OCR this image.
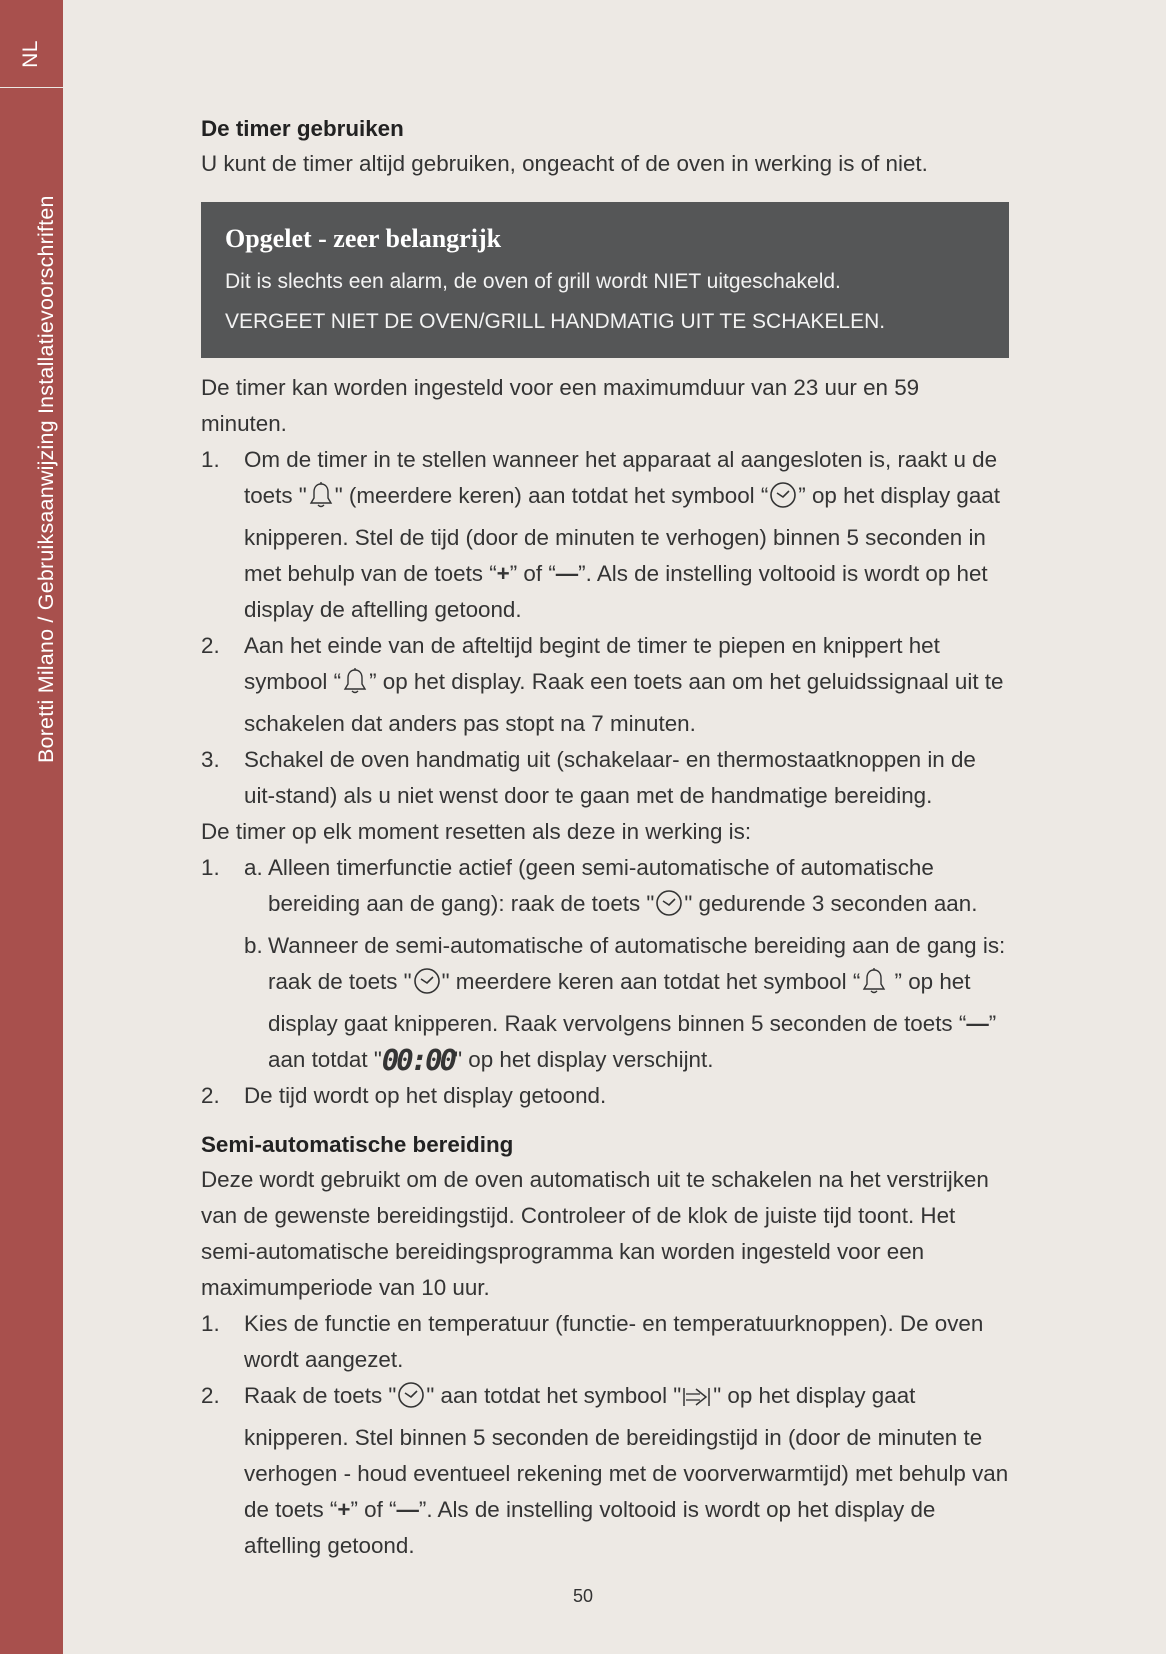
NL
Boretti Milano / Gebruiksaanwijzing Installatievoorschriften
De timer gebruiken

U kunt de timer altijd gebruiken, ongeacht of de oven in werking is of niet.

Opgelet - zeer belangrijk
Dit is slechts een alarm, de oven of grill wordt NIET uitgeschakeld.
VERGEET NIET DE OVEN/GRILL HANDMATIG UIT TE SCHAKELEN.

De timer kan worden ingesteld voor een maximumduur van 23 uur en 59 minuten.

1. Om de timer in te stellen wanneer het apparaat al aangesloten is, raakt u de toets " " (meerdere keren) aan totdat het symbool “ ” op het display gaat knipperen. Stel de tijd (door de minuten te verhogen) binnen 5 seconden in met behulp van de toets “+” of “—”. Als de instelling voltooid is wordt op het display de aftelling getoond.
2. Aan het einde van de afteltijd begint de timer te piepen en knippert het symbool “ ” op het display. Raak een toets aan om het geluidssignaal uit te schakelen dat anders pas stopt na 7 minuten.
3. Schakel de oven handmatig uit (schakelaar- en thermostaatknoppen in de uit-stand) als u niet wenst door te gaan met de handmatige bereiding.

De timer op elk moment resetten als deze in werking is:

1. a. Alleen timerfunctie actief (geen semi-automatische of automatische bereiding aan de gang): raak de toets " " gedurende 3 seconden aan.
b. Wanneer de semi-automatische of automatische bereiding aan de gang is: raak de toets " " meerdere keren aan totdat het symbool “ ” op het display gaat knipperen. Raak vervolgens binnen 5 seconden de toets “—” aan totdat "00:00" op het display verschijnt.
2. De tijd wordt op het display getoond.
Semi-automatische bereiding

Deze wordt gebruikt om de oven automatisch uit te schakelen na het verstrijken van de gewenste bereidingstijd. Controleer of de klok de juiste tijd toont. Het semi-automatische bereidingsprogramma kan worden ingesteld voor een maximumperiode van 10 uur.

1. Kies de functie en temperatuur (functie- en temperatuurknoppen). De oven wordt aangezet.
2. Raak de toets " " aan totdat het symbool " " op het display gaat knipperen. Stel binnen 5 seconden de bereidingstijd in (door de minuten te verhogen - houd eventueel rekening met de voorverwarmtijd) met behulp van de toets “+” of “—”. Als de instelling voltooid is wordt op het display de aftelling getoond.
50
